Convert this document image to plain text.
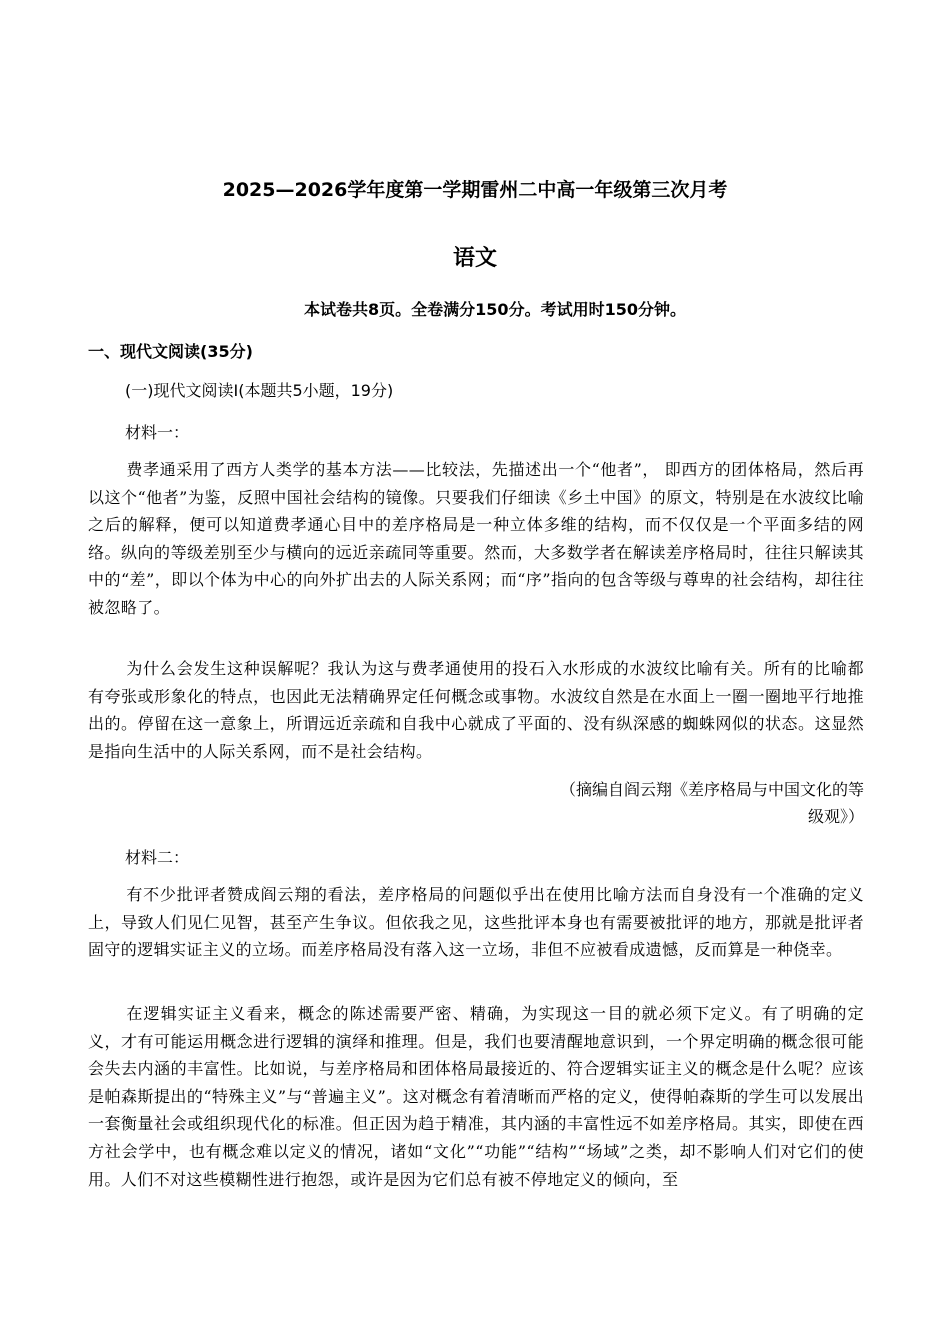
2025—2026学年度第一学期雷州二中高一年级第三次月考
语文
本试卷共8页。全卷满分150分。考试用时150分钟。
一、现代文阅读(35分)
(一)现代文阅读Ⅰ(本题共5小题，19分)
材料一：

费孝通采用了西方人类学的基本方法——比较法，先描述出一个“他者”， 即西方的团体格局，然后再以这个“他者”为鉴，反照中国社会结构的镜像。只要我们仔细读《乡土中国》的原文，特别是在水波纹比喻之后的解释，便可以知道费孝通心目中的差序格局是一种立体多维的结构，而不仅仅是一个平面多结的网络。纵向的等级差别至少与横向的远近亲疏同等重要。然而，大多数学者在解读差序格局时，往往只解读其中的“差”，即以个体为中心的向外扩出去的人际关系网；而“序”指向的包含等级与尊卑的社会结构，却往往被忽略了。

为什么会发生这种误解呢？我认为这与费孝通使用的投石入水形成的水波纹比喻有关。所有的比喻都有夸张或形象化的特点，也因此无法精确界定任何概念或事物。水波纹自然是在水面上一圈一圈地平行地推出的。停留在这一意象上，所谓远近亲疏和自我中心就成了平面的、没有纵深感的蜘蛛网似的状态。这显然是指向生活中的人际关系网，而不是社会结构。

（摘编自阎云翔《差序格局与中国文化的等
级观》）
材料二：

有不少批评者赞成阎云翔的看法，差序格局的问题似乎出在使用比喻方法而自身没有一个准确的定义上，导致人们见仁见智，甚至产生争议。但依我之见，这些批评本身也有需要被批评的地方，那就是批评者固守的逻辑实证主义的立场。而差序格局没有落入这一立场，非但不应被看成遗憾，反而算是一种侥幸。

在逻辑实证主义看来，概念的陈述需要严密、精确，为实现这一目的就必须下定义。有了明确的定义，才有可能运用概念进行逻辑的演绎和推理。但是，我们也要清醒地意识到，一个界定明确的概念很可能会失去内涵的丰富性。比如说，与差序格局和团体格局最接近的、符合逻辑实证主义的概念是什么呢？应该是帕森斯提出的“特殊主义”与“普遍主义”。这对概念有着清晰而严格的定义，使得帕森斯的学生可以发展出一套衡量社会或组织现代化的标准。但正因为趋于精准，其内涵的丰富性远不如差序格局。其实，即使在西方社会学中，也有概念难以定义的情况，诸如“文化”“功能”“结构”“场域”之类，却不影响人们对它们的使用。人们不对这些模糊性进行抱怨，或许是因为它们总有被不停地定义的倾向，至
